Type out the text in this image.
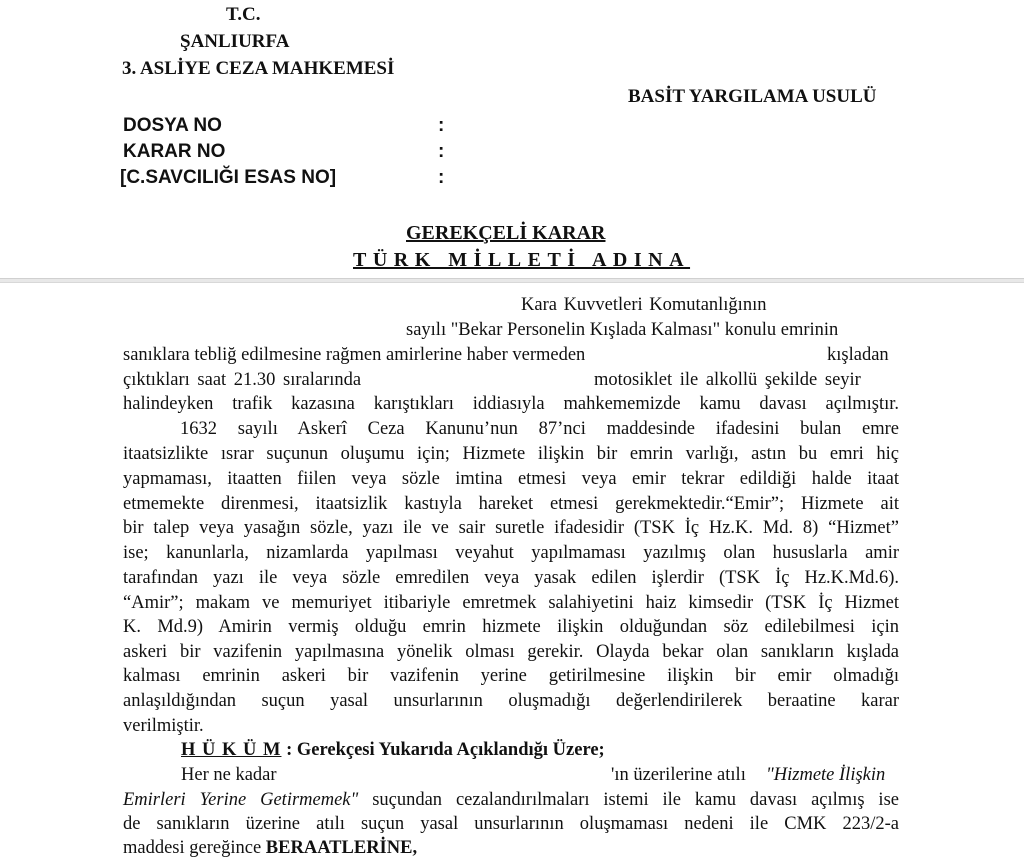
T.C.
ŞANLIURFA
3. ASLİYE CEZA MAHKEMESİ
BASİT YARGILAMA USULÜ
DOSYA NO	:
KARAR NO	:
[C.SAVCILIĞI ESAS NO]	:
GEREKÇELİ KARAR
TÜRK MİLLETİ ADINA
Kara Kuvvetleri Komutanlığının
sayılı "Bekar Personelin Kışlada Kalması" konulu emrinin
sanıklara tebliğ edilmesine rağmen amirlerine haber vermeden	kışladan
çıktıkları saat 21.30 sıralarında	motosiklet ile alkollü şekilde seyir
halindeyken trafik kazasına karıştıkları iddiasıyla mahkememizde kamu davası açılmıştır.
1632 sayılı Askerî Ceza Kanunu’nun 87’nci maddesinde ifadesini bulan emre
itaatsizlikte ısrar suçunun oluşumu için; Hizmete ilişkin bir emrin varlığı, astın bu emri hiç
yapmaması, itaatten fiilen veya sözle imtina etmesi veya emir tekrar edildiği halde itaat
etmemekte direnmesi, itaatsizlik kastıyla hareket etmesi gerekmektedir.“Emir”; Hizmete ait
bir talep veya yasağın sözle, yazı ile ve sair suretle ifadesidir (TSK İç Hz.K. Md. 8) “Hizmet”
ise; kanunlarla, nizamlarda yapılması veyahut yapılmaması yazılmış olan hususlarla amir
tarafından yazı ile veya sözle emredilen veya yasak edilen işlerdir (TSK İç Hz.K.Md.6).
“Amir”; makam ve memuriyet itibariyle emretmek salahiyetini haiz kimsedir (TSK İç Hizmet
K. Md.9) Amirin vermiş olduğu emrin hizmete ilişkin olduğundan söz edilebilmesi için
askeri bir vazifenin yapılmasına yönelik olması gerekir. Olayda bekar olan sanıkların kışlada
kalması emrinin askeri bir vazifenin yerine getirilmesine ilişkin bir emir olmadığı
anlaşıldığından suçun yasal unsurlarının oluşmadığı değerlendirilerek beraatine karar
verilmiştir.
H Ü K Ü M : Gerekçesi Yukarıda Açıklandığı Üzere;
Her ne kadar	'ın üzerilerine atılı "Hizmete İlişkin
Emirleri Yerine Getirmemek" suçundan cezalandırılmaları istemi ile kamu davası açılmış ise
de sanıkların üzerine atılı suçun yasal unsurlarının oluşmaması nedeni ile CMK 223/2-a
maddesi gereğince BERAATLERİNE,
